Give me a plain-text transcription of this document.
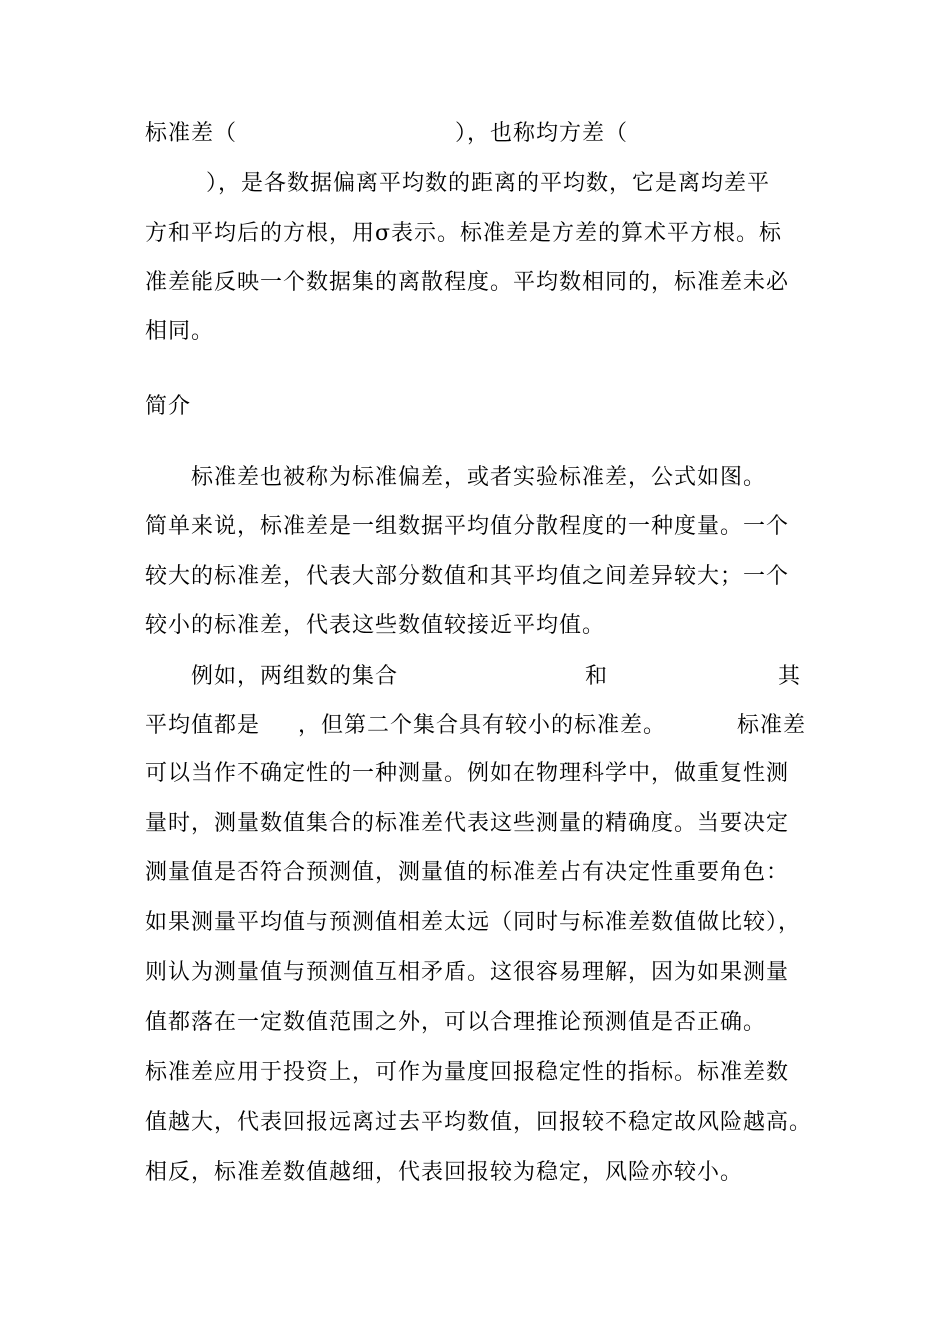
标准差（	），也称均方差（
），是各数据偏离平均数的距离的平均数，它是离均差平
方和平均后的方根，用σ表示。标准差是方差的算术平方根。标
准差能反映一个数据集的离散程度。平均数相同的，标准差未必
相同。
简介
标准差也被称为标准偏差，或者实验标准差，公式如图。
简单来说，标准差是一组数据平均值分散程度的一种度量。一个
较大的标准差，代表大部分数值和其平均值之间差异较大；一个
较小的标准差，代表这些数值较接近平均值。
例如，两组数的集合	和	其
平均值都是 ，但第二个集合具有较小的标准差。	标准差
可以当作不确定性的一种测量。例如在物理科学中，做重复性测
量时，测量数值集合的标准差代表这些测量的精确度。当要决定
测量值是否符合预测值，测量值的标准差占有决定性重要角色：
如果测量平均值与预测值相差太远（同时与标准差数值做比较），
则认为测量值与预测值互相矛盾。这很容易理解，因为如果测量
值都落在一定数值范围之外，可以合理推论预测值是否正确。
标准差应用于投资上，可作为量度回报稳定性的指标。标准差数
值越大，代表回报远离过去平均数值，回报较不稳定故风险越高。
相反，标准差数值越细，代表回报较为稳定，风险亦较小。
